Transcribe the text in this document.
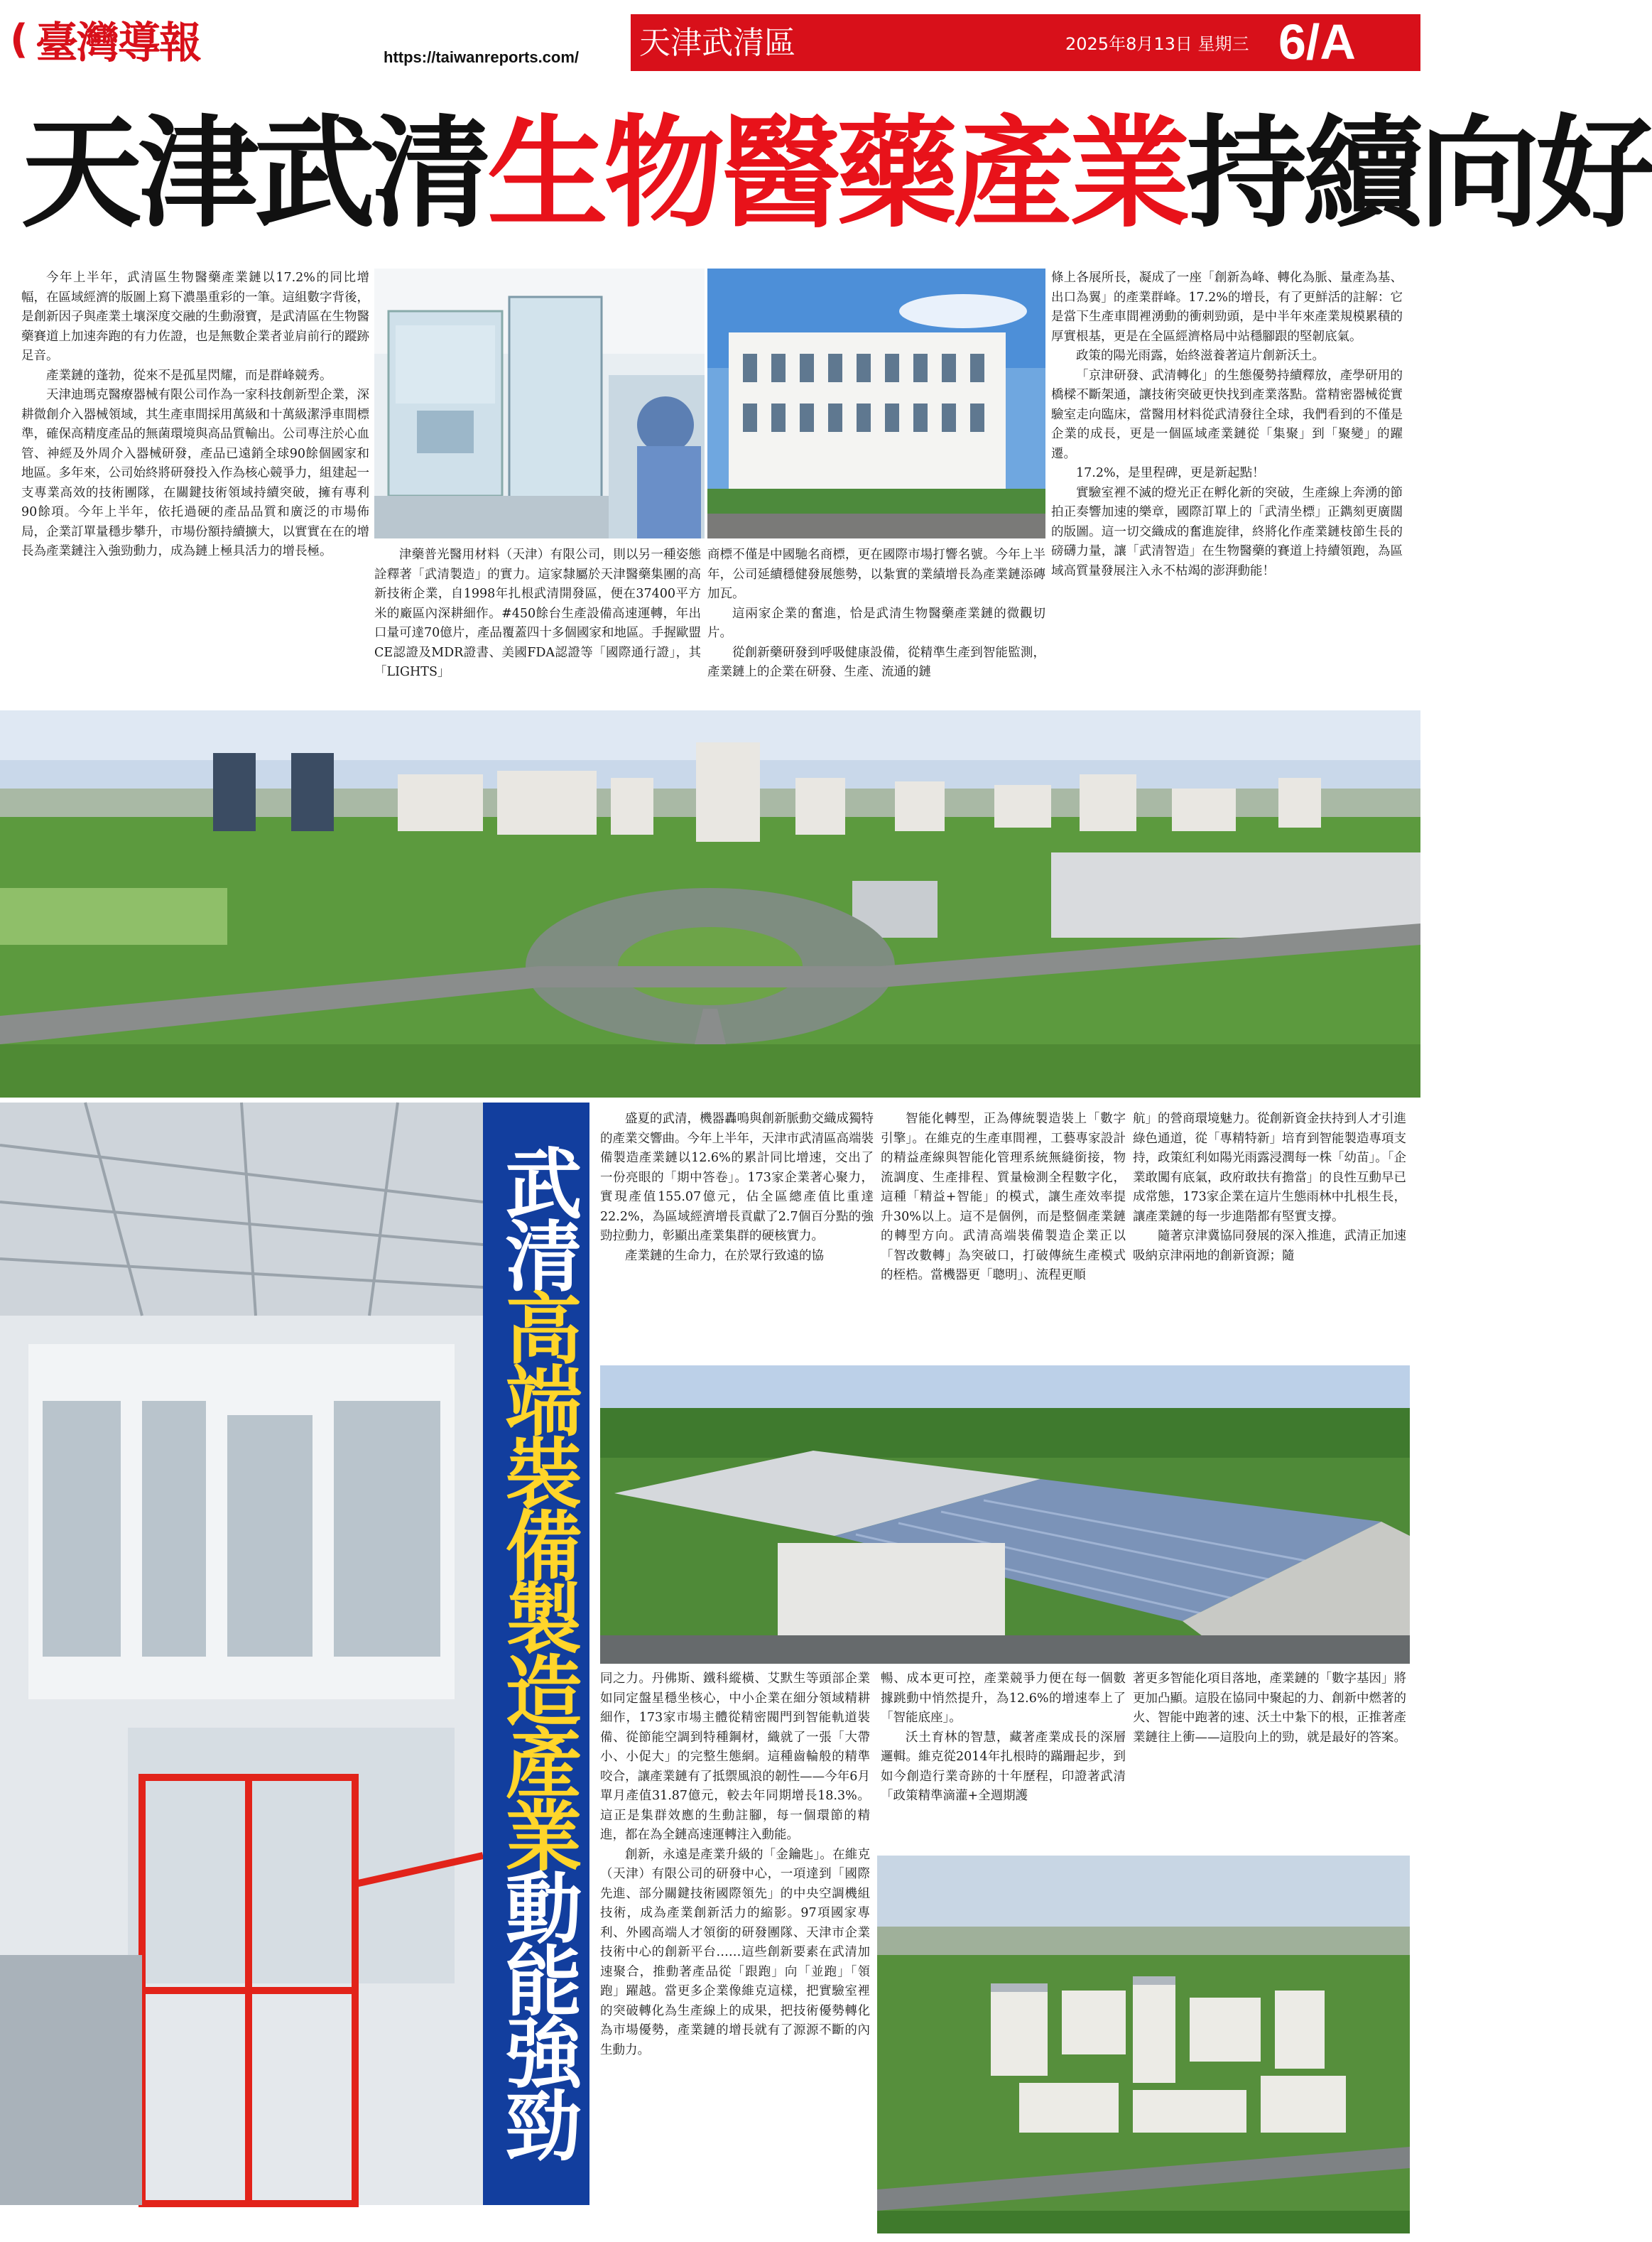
( 臺灣導報	https://taiwanreports.com/	天津武清區	2025年8月13日 星期三 6/A
天津武清生物醫藥產業持續向好

今年上半年，武清區生物醫藥產業鏈以17.2%的同比增幅，在區域經濟的版圖上寫下濃墨重彩的一筆。這組數字背後，是創新因子與產業土壤深度交融的生動潑寶，是武清區在生物醫藥賽道上加速奔跑的有力佐證，也是無數企業者並肩前行的蹤跡足音。

產業鏈的蓬勃，從來不是孤星閃耀，而是群峰競秀。

天津迪瑪克醫療器械有限公司作為一家科技創新型企業，深耕微創介入器械領域，其生產車間採用萬級和十萬級潔淨車間標準，確保高精度產品的無菌環境與高品質輸出。公司專注於心血管、神經及外周介入器械研發，產品已遠銷全球90餘個國家和地區。多年來，公司始終將研發投入作為核心競爭力，組建起一支專業高效的技術團隊，在關鍵技術領域持續突破，擁有專利90餘項。今年上半年，依托過硬的產品品質和廣泛的市場佈局，企業訂單量穩步攀升，市場份額持續擴大，以實實在在的增長為產業鏈注入強勁動力，成為鏈上極具活力的增長極。	津藥普光醫用材料（天津）有限公司，則以另一種姿態詮釋著「武清製造」的實力。這家隸屬於天津醫藥集團的高新技術企業，自1998年扎根武清開發區，便在37400平方米的廠區內深耕細作。#450餘台生產設備高速運轉，年出口量可達70億片，產品覆蓋四十多個國家和地區。手握歐盟CE認證及MDR證書、美國FDA認證等「國際通行證」，其「LIGHTS」

商標不僅是中國馳名商標，更在國際市場打響名號。今年上半年，公司延續穩健發展態勢，以紮實的業績增長為產業鏈添磚加瓦。

這兩家企業的奮進，恰是武清生物醫藥產業鏈的微觀切片。

從創新藥研發到呼吸健康設備，從精準生產到智能監測，產業鏈上的企業在研發、生產、流通的鏈

條上各展所長，凝成了一座「創新為峰、轉化為脈、量產為基、出口為翼」的產業群峰。17.2%的增長，有了更鮮活的註解：它是當下生產車間裡湧動的衝刺勁頭，是中半年來產業規模累積的厚實根基，更是在全區經濟格局中站穩腳跟的堅韌底氣。

政策的陽光雨露，始終滋養著這片創新沃土。

「京津研發、武清轉化」的生態優勢持續釋放，產學研用的橋樑不斷架通，讓技術突破更快找到產業落點。當精密器械從實驗室走向臨床，當醫用材料從武清發往全球，我們看到的不僅是企業的成長，更是一個區域產業鏈從「集聚」到「聚變」的躍遷。

17.2%，是里程碑，更是新起點！

實驗室裡不滅的燈光正在孵化新的突破，生產線上奔湧的節拍正奏響加速的樂章，國際訂單上的「武清坐標」正鐫刻更廣闊的版圖。這一切交織成的奮進旋律，終將化作產業鏈枝節生長的磅礴力量，讓「武清智造」在生物醫藥的賽道上持續領跑，為區域高質量發展注入永不枯竭的澎湃動能！

武清高端裝備製造產業動能強勁

盛夏的武清，機器轟鳴與創新脈動交織成獨特的產業交響曲。今年上半年，天津市武清區高端裝備製造產業鏈以12.6%的累計同比增速，交出了一份亮眼的「期中答卷」。173家企業著心聚力，實現產值155.07億元，佔全區總產值比重達22.2%，為區域經濟增長貢獻了2.7個百分點的強勁拉動力，彰顯出產業集群的硬核實力。

產業鏈的生命力，在於眾行致遠的協

智能化轉型，正為傳統製造裝上「數字引擎」。在維克的生產車間裡，工藝專家設計的精益產線與智能化管理系統無縫銜接，物流調度、生產排程、質量檢測全程數字化，這種「精益+智能」的模式，讓生產效率提升30%以上。這不是個例，而是整個產業鏈的轉型方向。武清高端裝備製造企業正以「智改數轉」為突破口，打破傳統生產模式的桎梏。當機器更「聰明」、流程更順

航」的營商環境魅力。從創新資金扶持到人才引進綠色通道，從「專精特新」培育到智能製造專項支持，政策紅利如陽光雨露浸潤每一株「幼苗」。「企業敢闖有底氣，政府敢扶有擔當」的良性互動早已成常態，173家企業在這片生態雨林中扎根生長，讓產業鏈的每一步進階都有堅實支撐。

隨著京津冀協同發展的深入推進，武清正加速吸納京津兩地的創新資源；隨

同之力。丹佛斯、鐵科縱橫、艾默生等頭部企業如同定盤星穩坐核心，中小企業在細分領域精耕細作，173家市場主體從精密閥門到智能軌道裝備、從節能空調到特種鋼材，織就了一張「大帶小、小促大」的完整生態網。這種齒輪般的精準咬合，讓產業鏈有了抵禦風浪的韌性——今年6月單月產值31.87億元，較去年同期增長18.3%。這正是集群效應的生動註腳，每一個環節的精進，都在為全鏈高速運轉注入動能。

創新，永遠是產業升級的「金鑰匙」。在維克（天津）有限公司的研發中心，一項達到「國際先進、部分關鍵技術國際領先」的中央空調機組技術，成為產業創新活力的縮影。97項國家專利、外國高端人才領銜的研發團隊、天津市企業技術中心的創新平台……這些創新要素在武清加速聚合，推動著產品從「跟跑」向「並跑」「領跑」躍越。當更多企業像維克這樣，把實驗室裡的突破轉化為生產線上的成果，把技術優勢轉化為市場優勢，產業鏈的增長就有了源源不斷的內生動力。

暢、成本更可控，產業競爭力便在每一個數據跳動中悄然提升，為12.6%的增速奉上了「智能底座」。

沃土育林的智慧，藏著產業成長的深層邏輯。維克從2014年扎根時的蹣跚起步，到如今創造行業奇跡的十年歷程，印證著武清「政策精準滴灌+全週期護

著更多智能化項目落地，產業鏈的「數字基因」將更加凸顯。這股在協同中聚起的力、創新中燃著的火、智能中跑著的速、沃土中紮下的根，正推著產業鏈往上衝——這股向上的勁，就是最好的答案。
